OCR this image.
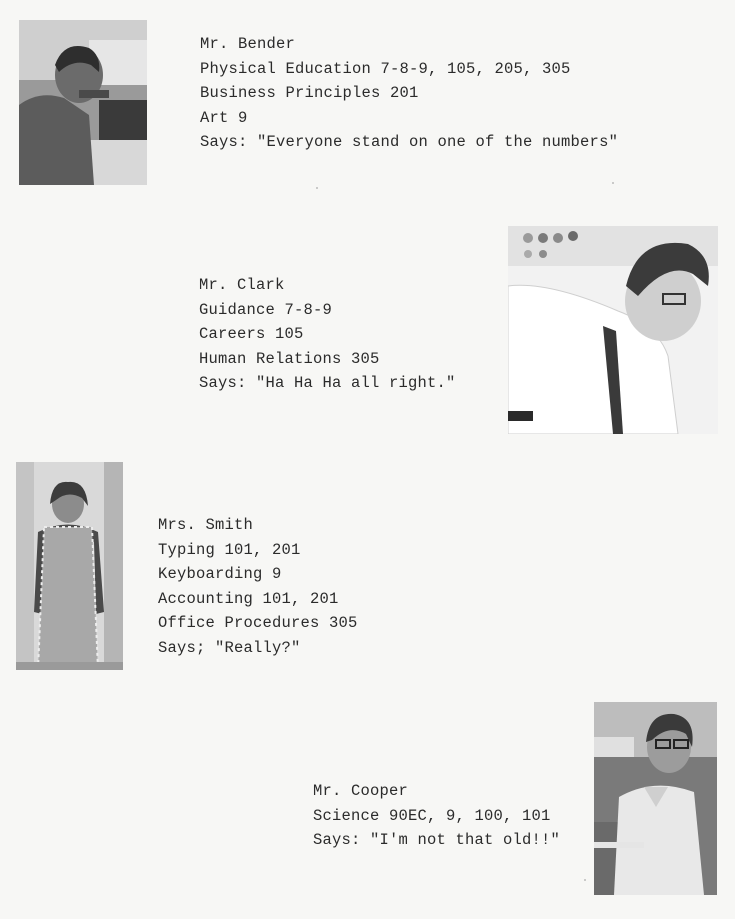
Mr. Bender
Physical Education 7-8-9, 105, 205, 305
Business Principles 201
Art 9
Says: "Everyone stand on one of the numbers"
Mr. Clark
Guidance 7-8-9
Careers 105
Human Relations 305
Says: "Ha Ha Ha all right."
Mrs. Smith
Typing 101, 201
Keyboarding 9
Accounting 101, 201
Office Procedures 305
Says; "Really?"
Mr. Cooper
Science 90EC, 9, 100, 101
Says: "I'm not that old!!"
